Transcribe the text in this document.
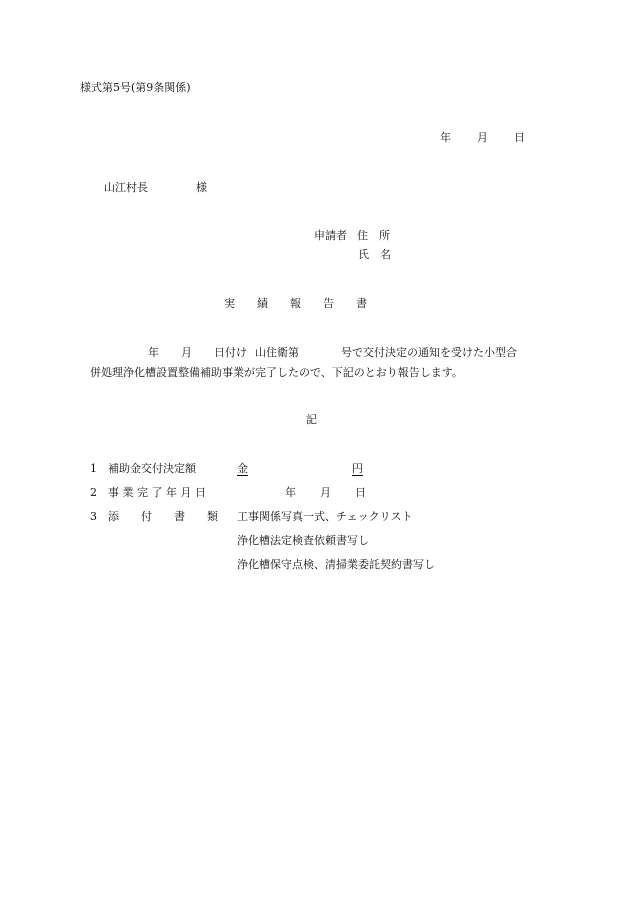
様式第5号(第9条関係)
年 月 日
山江村長	様
申請者 住　所
氏　名
実　　績　　報　　告　　書
年 月 日付け 山住衛第	号で交付決定の通知を受けた小型合
併処理浄化槽設置整備補助事業が完了したので、下記のとおり報告します。
記
1 補助金交付決定額	金	円
2 事 業 完 了 年 月 日	年 月 日
3 添　　付　　書　　類 工事関係写真一式、チェックリスト
浄化槽法定検査依頼書写し
浄化槽保守点検、清掃業委託契約書写し
